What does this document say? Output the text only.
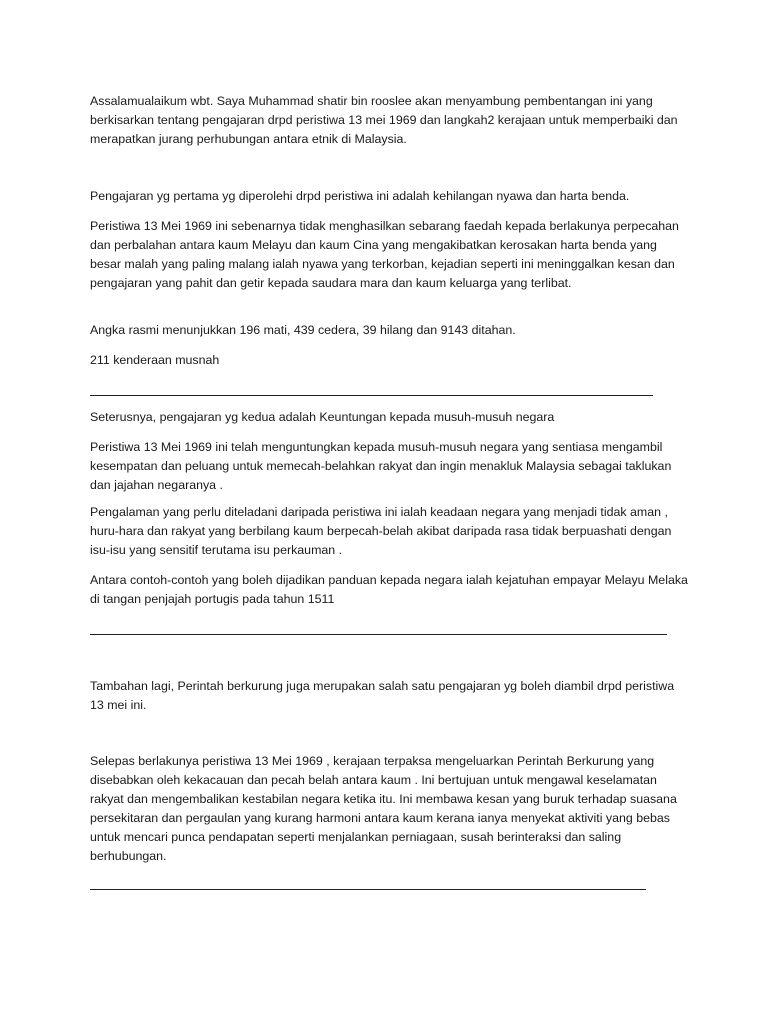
Assalamualaikum wbt. Saya Muhammad shatir bin rooslee akan menyambung pembentangan ini yang berkisarkan tentang pengajaran drpd peristiwa 13 mei 1969 dan langkah2 kerajaan untuk memperbaiki dan merapatkan jurang perhubungan antara etnik di Malaysia.

Pengajaran yg pertama yg diperolehi drpd peristiwa ini adalah kehilangan nyawa dan harta benda.

Peristiwa 13 Mei 1969 ini sebenarnya tidak menghasilkan sebarang faedah kepada berlakunya perpecahan dan perbalahan antara kaum Melayu dan kaum Cina yang mengakibatkan kerosakan harta benda yang besar malah yang paling malang ialah nyawa yang terkorban, kejadian seperti ini meninggalkan kesan dan pengajaran yang pahit dan getir kepada saudara mara dan kaum keluarga yang terlibat.

Angka rasmi menunjukkan 196 mati, 439 cedera, 39 hilang dan 9143 ditahan.

211 kenderaan musnah

Seterusnya, pengajaran yg kedua adalah Keuntungan kepada musuh-musuh negara

Peristiwa 13 Mei 1969 ini telah menguntungkan kepada musuh-musuh negara yang sentiasa mengambil kesempatan dan peluang untuk memecah-belahkan rakyat dan ingin menakluk Malaysia sebagai taklukan dan jajahan negaranya .

Pengalaman yang perlu diteladani daripada peristiwa ini ialah keadaan negara yang menjadi tidak aman , huru-hara dan rakyat yang berbilang kaum berpecah-belah akibat daripada rasa tidak berpuashati dengan isu-isu yang sensitif terutama isu perkauman .

Antara contoh-contoh yang boleh dijadikan panduan kepada negara ialah kejatuhan empayar Melayu Melaka di tangan penjajah portugis pada tahun 1511

Tambahan lagi, Perintah berkurung juga merupakan salah satu pengajaran yg boleh diambil drpd peristiwa 13 mei ini.

Selepas berlakunya peristiwa 13 Mei 1969 , kerajaan terpaksa mengeluarkan Perintah Berkurung yang disebabkan oleh kekacauan dan pecah belah antara kaum . Ini bertujuan untuk mengawal keselamatan rakyat dan mengembalikan kestabilan negara ketika itu. Ini membawa kesan yang buruk terhadap suasana persekitaran dan pergaulan yang kurang harmoni antara kaum kerana ianya menyekat aktiviti yang bebas untuk mencari punca pendapatan seperti menjalankan perniagaan, susah berinteraksi dan saling berhubungan.
